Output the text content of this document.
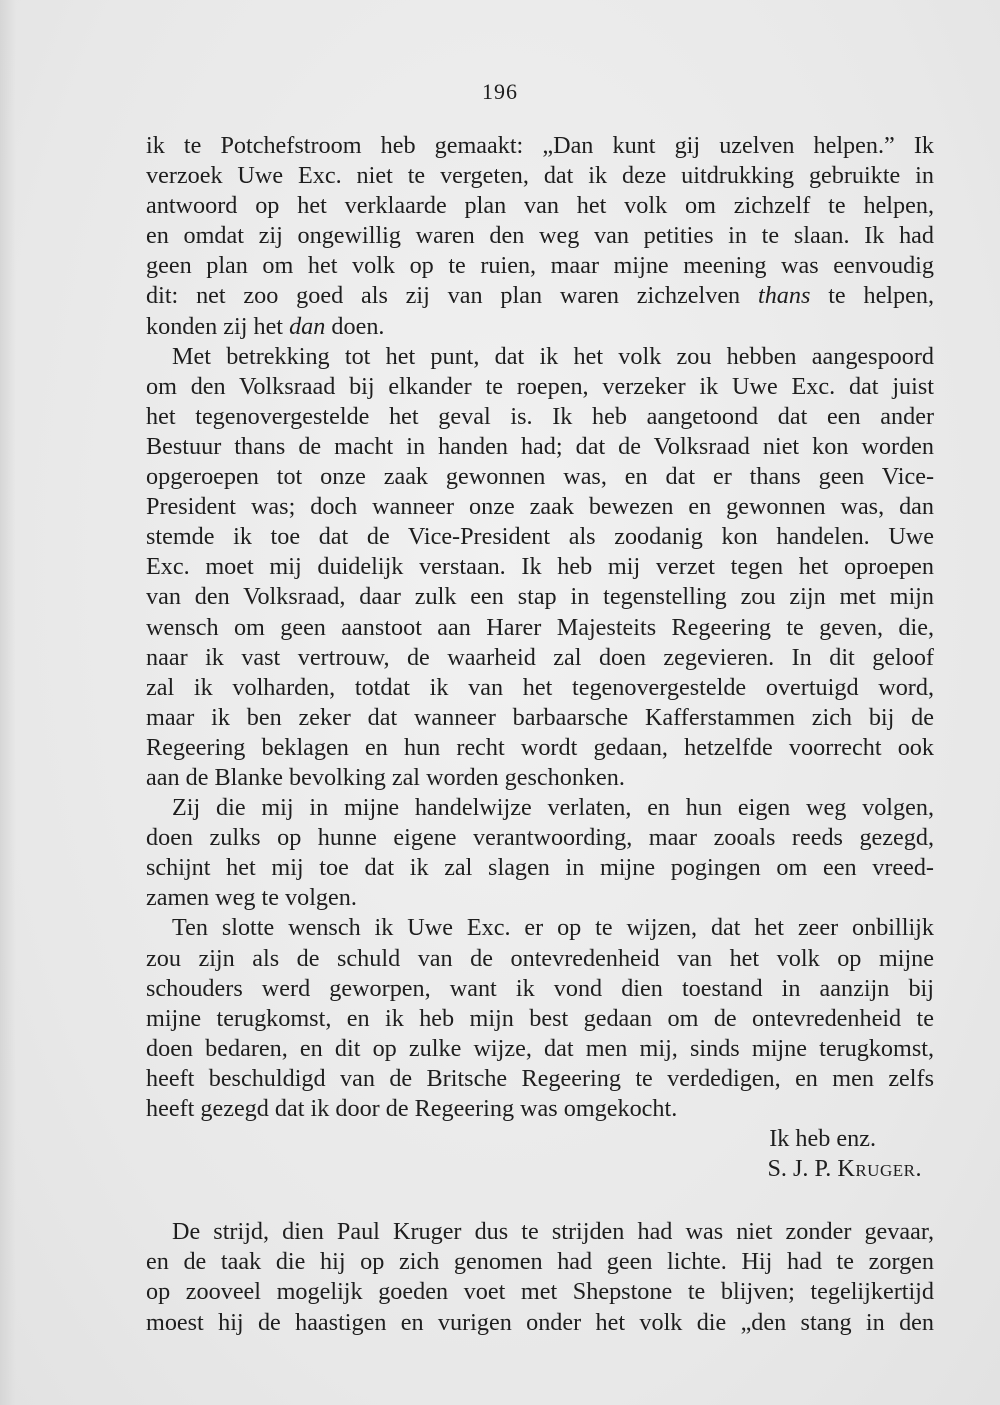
196
ik te Potchefstroom heb gemaakt: „Dan kunt gij uzelven helpen.” Ik
verzoek Uwe Exc. niet te vergeten, dat ik deze uitdrukking gebruikte in
antwoord op het verklaarde plan van het volk om zichzelf te helpen,
en omdat zij ongewillig waren den weg van petities in te slaan. Ik had
geen plan om het volk op te ruien, maar mijne meening was eenvoudig
dit: net zoo goed als zij van plan waren zichzelven thans te helpen,
konden zij het dan doen.
Met betrekking tot het punt, dat ik het volk zou hebben aangespoord
om den Volksraad bij elkander te roepen, verzeker ik Uwe Exc. dat juist
het tegenovergestelde het geval is. Ik heb aangetoond dat een ander
Bestuur thans de macht in handen had; dat de Volksraad niet kon worden
opgeroepen tot onze zaak gewonnen was, en dat er thans geen Vice-
President was; doch wanneer onze zaak bewezen en gewonnen was, dan
stemde ik toe dat de Vice-President als zoodanig kon handelen. Uwe
Exc. moet mij duidelijk verstaan. Ik heb mij verzet tegen het oproepen
van den Volksraad, daar zulk een stap in tegenstelling zou zijn met mijn
wensch om geen aanstoot aan Harer Majesteits Regeering te geven, die,
naar ik vast vertrouw, de waarheid zal doen zegevieren. In dit geloof
zal ik volharden, totdat ik van het tegenovergestelde overtuigd word,
maar ik ben zeker dat wanneer barbaarsche Kafferstammen zich bij de
Regeering beklagen en hun recht wordt gedaan, hetzelfde voorrecht ook
aan de Blanke bevolking zal worden geschonken.
Zij die mij in mijne handelwijze verlaten, en hun eigen weg volgen,
doen zulks op hunne eigene verantwoording, maar zooals reeds gezegd,
schijnt het mij toe dat ik zal slagen in mijne pogingen om een vreed-
zamen weg te volgen.
Ten slotte wensch ik Uwe Exc. er op te wijzen, dat het zeer onbillijk
zou zijn als de schuld van de ontevredenheid van het volk op mijne
schouders werd geworpen, want ik vond dien toestand in aanzijn bij
mijne terugkomst, en ik heb mijn best gedaan om de ontevredenheid te
doen bedaren, en dit op zulke wijze, dat men mij, sinds mijne terugkomst,
heeft beschuldigd van de Britsche Regeering te verdedigen, en men zelfs
heeft gezegd dat ik door de Regeering was omgekocht.
Ik heb enz.
S. J. P. Kruger.
De strijd, dien Paul Kruger dus te strijden had was niet zonder gevaar,
en de taak die hij op zich genomen had geen lichte. Hij had te zorgen
op zooveel mogelijk goeden voet met Shepstone te blijven; tegelijkertijd
moest hij de haastigen en vurigen onder het volk die „den stang in den
